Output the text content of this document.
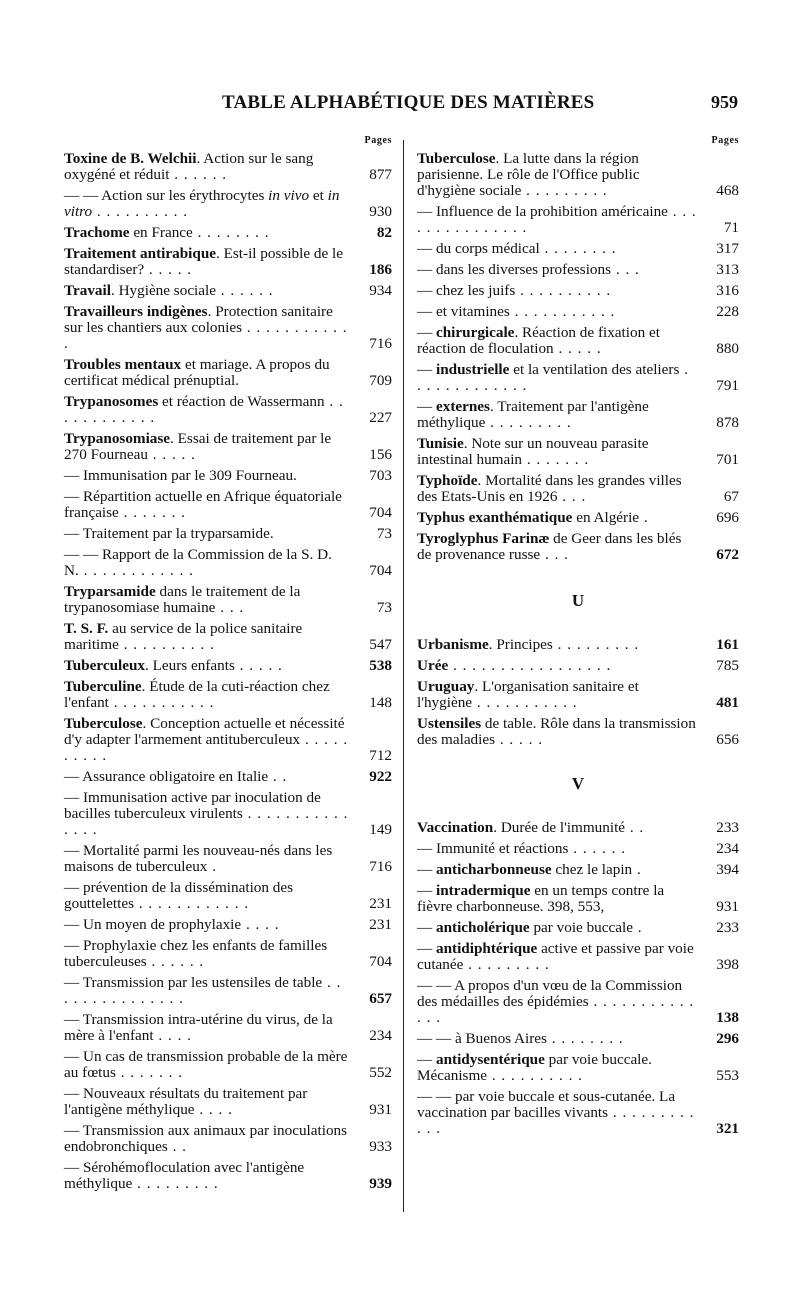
TABLE ALPHABÉTIQUE DES MATIÈRES	959
Pages
Toxine de B. Welchii. Action sur le sang oxygéné et réduit . . . . . .	877
— — Action sur les érythrocytes in vivo et in vitro . . . . . . . . . .	930
Trachome en France . . . . . . . .	82
Traitement antirabique. Est-il possible de le standardiser? . . . . .	186
Travail. Hygiène sociale . . . . . .	934
Travailleurs indigènes. Protection sanitaire sur les chantiers aux colonies . . . . . . . . . . . .	716
Troubles mentaux et mariage. A propos du certificat médical prénuptial.	709
Trypanosomes et réaction de Wassermann . . . . . . . . . . . .	227
Trypanosomiase. Essai de traitement par le 270 Fourneau . . . . .	156
— Immunisation par le 309 Fourneau.	703
— Répartition actuelle en Afrique équatoriale française . . . . . . .	704
— Traitement par la tryparsamide.	73
— — Rapport de la Commission de la S. D. N. . . . . . . . . . . . .	704
Tryparsamide dans le traitement de la trypanosomiase humaine . . .	73
T. S. F. au service de la police sanitaire maritime . . . . . . . . . .	547
Tuberculeux. Leurs enfants . . . . .	538
Tuberculine. Étude de la cuti-réaction chez l'enfant . . . . . . . . . . .	148
Tuberculose. Conception actuelle et nécessité d'y adapter l'armement antituberculeux . . . . . . . . . .	712
— Assurance obligatoire en Italie . .	922
— Immunisation active par inoculation de bacilles tuberculeux virulents . . . . . . . . . . . . . . .	149
— Mortalité parmi les nouveau-nés dans les maisons de tuberculeux .	716
— prévention de la dissémination des gouttelettes . . . . . . . . . . . .	231
— Un moyen de prophylaxie . . . .	231
— Prophylaxie chez les enfants de familles tuberculeuses . . . . . .	704
— Transmission par les ustensiles de table . . . . . . . . . . . . . . .	657
— Transmission intra-utérine du virus, de la mère à l'enfant . . . .	234
— Un cas de transmission probable de la mère au fœtus . . . . . . .	552
— Nouveaux résultats du traitement par l'antigène méthylique . . . .	931
— Transmission aux animaux par inoculations endobronchiques . .	933
— Sérohémofloculation avec l'antigène méthylique . . . . . . . . .	939
Pages
Tuberculose. La lutte dans la région parisienne. Le rôle de l'Office public d'hygiène sociale . . . . . . . . .	468
— Influence de la prohibition américaine . . . . . . . . . . . . . . .	71
— du corps médical . . . . . . . .	317
— dans les diverses professions . . .	313
— chez les juifs . . . . . . . . . .	316
— et vitamines . . . . . . . . . . .	228
— chirurgicale. Réaction de fixation et réaction de floculation . . . . .	880
— industrielle et la ventilation des ateliers . . . . . . . . . . . . .	791
— externes. Traitement par l'antigène méthylique . . . . . . . . .	878
Tunisie. Note sur un nouveau parasite intestinal humain . . . . . . .	701
Typhoïde. Mortalité dans les grandes villes des Etats-Unis en 1926 . . .	67
Typhus exanthématique en Algérie .	696
Tyroglyphus Farinæ de Geer dans les blés de provenance russe . . .	672
U
Urbanisme. Principes . . . . . . . . .	161
Urée . . . . . . . . . . . . . . . . .	785
Uruguay. L'organisation sanitaire et l'hygiène . . . . . . . . . . .	481
Ustensiles de table. Rôle dans la transmission des maladies . . . . .	656
V
Vaccination. Durée de l'immunité . .	233
— Immunité et réactions . . . . . .	234
— anticharbonneuse chez le lapin .	394
— intradermique en un temps contre la fièvre charbonneuse. 398, 553,	931
— anticholérique par voie buccale .	233
— antidiphtérique active et passive par voie cutanée . . . . . . . . .	398
— — A propos d'un vœu de la Commission des médailles des épidémies . . . . . . . . . . . . . .	138
— — à Buenos Aires . . . . . . . .	296
— antidysentérique par voie buccale. Mécanisme . . . . . . . . . .	553
— — par voie buccale et sous-cutanée. La vaccination par bacilles vivants . . . . . . . . . . . .	321
